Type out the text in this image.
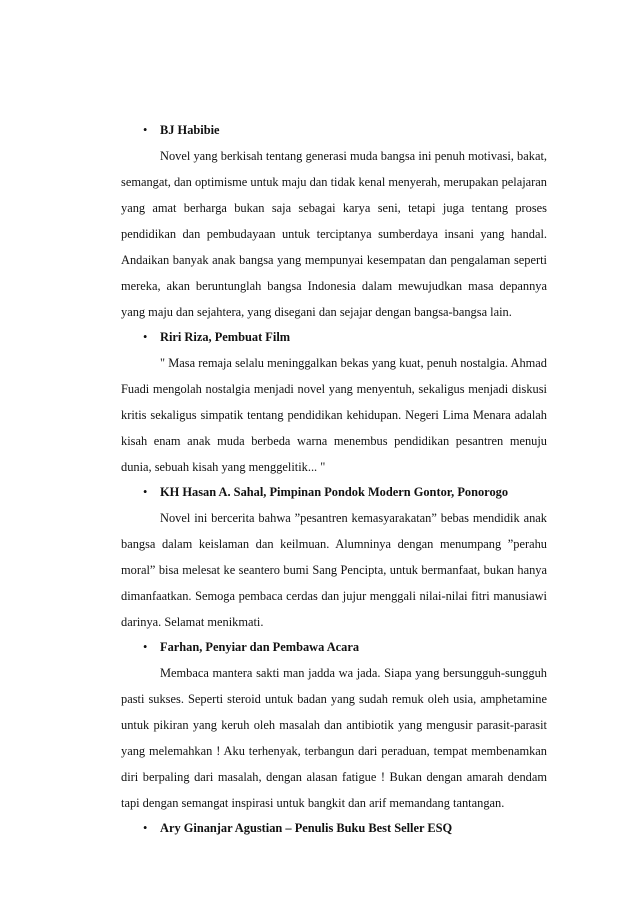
• BJ Habibie

Novel yang berkisah tentang generasi muda bangsa ini penuh motivasi, bakat, semangat, dan optimisme untuk maju dan tidak kenal menyerah, merupakan pelajaran yang amat berharga bukan saja sebagai karya seni, tetapi juga tentang proses pendidikan dan pembudayaan untuk terciptanya sumberdaya insani yang handal. Andaikan banyak anak bangsa yang mempunyai kesempatan dan pengalaman seperti mereka, akan beruntunglah bangsa Indonesia dalam mewujudkan masa depannya yang maju dan sejahtera, yang disegani dan sejajar dengan bangsa-bangsa lain.

• Riri Riza, Pembuat Film

" Masa remaja selalu meninggalkan bekas yang kuat, penuh nostalgia. Ahmad Fuadi mengolah nostalgia menjadi novel yang menyentuh, sekaligus menjadi diskusi kritis sekaligus simpatik tentang pendidikan kehidupan. Negeri Lima Menara adalah kisah enam anak muda berbeda warna menembus pendidikan pesantren menuju dunia, sebuah kisah yang menggelitik... "

• KH Hasan A. Sahal, Pimpinan Pondok Modern Gontor, Ponorogo

Novel ini bercerita bahwa ”pesantren kemasyarakatan” bebas mendidik anak bangsa dalam keislaman dan keilmuan. Alumninya dengan menumpang ”perahu moral” bisa melesat ke seantero bumi Sang Pencipta, untuk bermanfaat, bukan hanya dimanfaatkan. Semoga pembaca cerdas dan jujur menggali nilai-nilai fitri manusiawi darinya. Selamat menikmati.

• Farhan, Penyiar dan Pembawa Acara

Membaca mantera sakti man jadda wa jada. Siapa yang bersungguh-sungguh pasti sukses. Seperti steroid untuk badan yang sudah remuk oleh usia, amphetamine untuk pikiran yang keruh oleh masalah dan antibiotik yang mengusir parasit-parasit yang melemahkan ! Aku terhenyak, terbangun dari peraduan, tempat membenamkan diri berpaling dari masalah, dengan alasan fatigue ! Bukan dengan amarah dendam tapi dengan semangat inspirasi untuk bangkit dan arif memandang tantangan.

• Ary Ginanjar Agustian – Penulis Buku Best Seller ESQ
